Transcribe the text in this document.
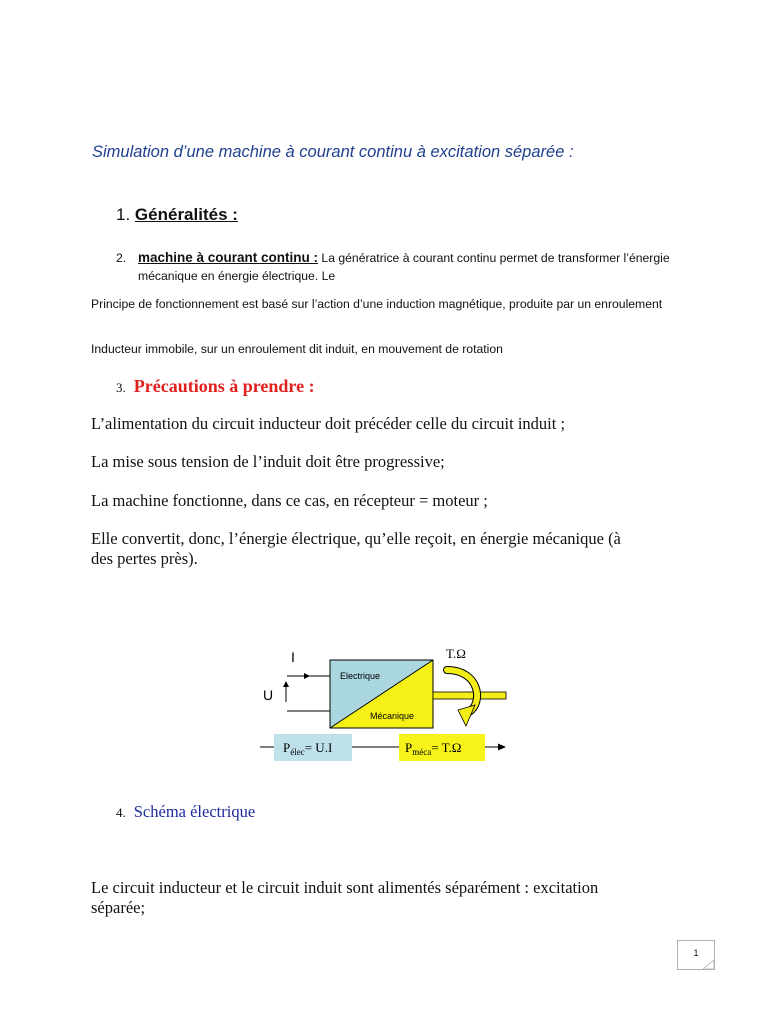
Simulation d’une machine à courant continu à excitation séparée :
1. Généralités :
2. machine à courant continu : La génératrice à courant continu permet de transformer l’énergie mécanique en énergie électrique. Le
Principe de fonctionnement est basé sur l’action d’une induction magnétique, produite par un enroulement
Inducteur immobile, sur un enroulement dit induit, en mouvement de rotation
3. Précautions à prendre :
L’alimentation du circuit inducteur doit précéder celle du circuit induit ;
La mise sous tension de l’induit doit être progressive;
La machine fonctionne, dans ce cas, en récepteur = moteur ;
Elle convertit, donc, l’énergie électrique, qu’elle reçoit, en énergie mécanique (à des pertes près).
I
U
Electrique
Mécanique
T.Ω
$P_{élec}= U.I$	$P_{méca}= T.\Omega$
4. Schéma électrique
Le circuit inducteur et le circuit induit sont alimentés séparément : excitation séparée;
1
